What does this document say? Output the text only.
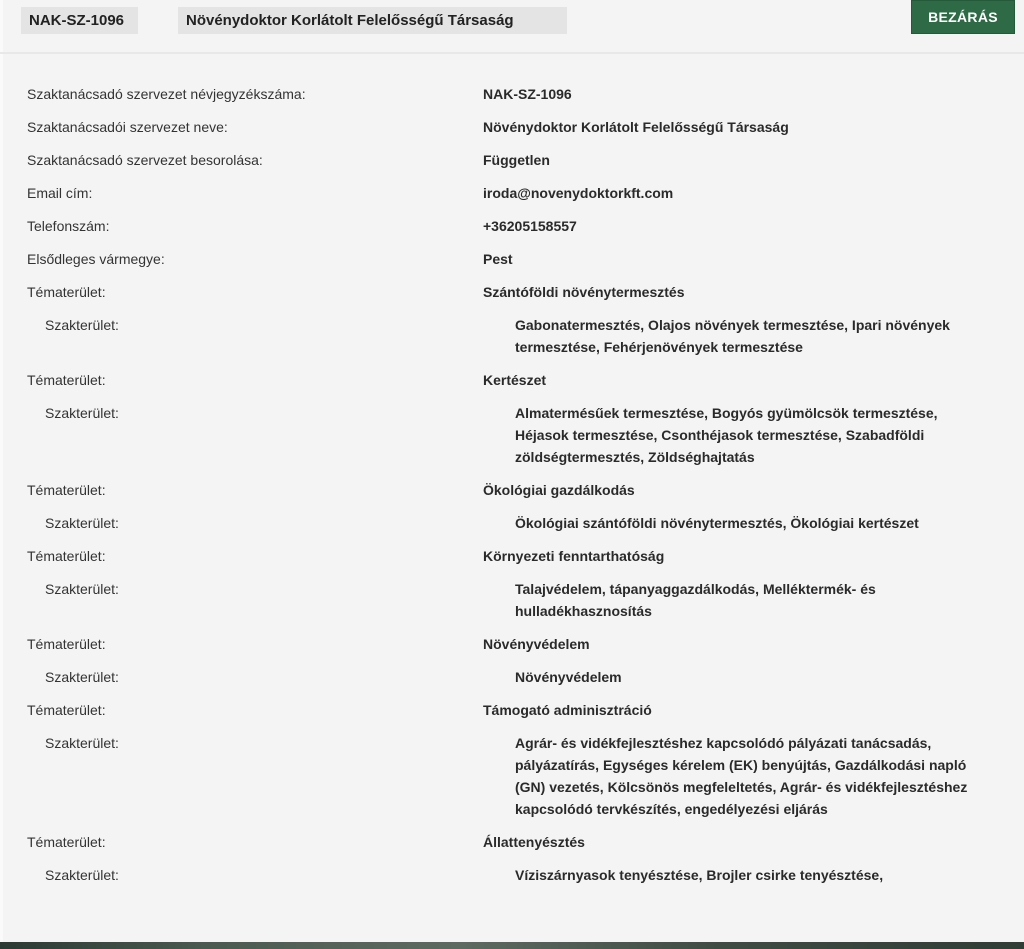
NAK-SZ-1096	Növénydoktor Korlátolt Felelősségű Társaság	BEZÁRÁS
Szaktanácsadó szervezet névjegyzékszáma:	NAK-SZ-1096
Szaktanácsadói szervezet neve:	Növénydoktor Korlátolt Felelősségű Társaság
Szaktanácsadó szervezet besorolása:	Független
Email cím:	iroda@novenydoktorkft.com
Telefonszám:	+36205158557
Elsődleges vármegye:	Pest
Tématerület:	Szántóföldi növénytermesztés
Szakterület:	Gabonatermesztés, Olajos növények termesztése, Ipari növények termesztése, Fehérjenövények termesztése
Tématerület:	Kertészet
Szakterület:	Almatermésűek termesztése, Bogyós gyümölcsök termesztése, Héjasok termesztése, Csonthéjasok termesztése, Szabadföldi zöldségtermesztés, Zöldséghajtatás
Tématerület:	Ökológiai gazdálkodás
Szakterület:	Ökológiai szántóföldi növénytermesztés, Ökológiai kertészet
Tématerület:	Környezeti fenntarthatóság
Szakterület:	Talajvédelem, tápanyaggazdálkodás, Melléktermék- és hulladékhasznosítás
Tématerület:	Növényvédelem
Szakterület:	Növényvédelem
Tématerület:	Támogató adminisztráció
Szakterület:	Agrár- és vidékfejlesztéshez kapcsolódó pályázati tanácsadás, pályázatírás, Egységes kérelem (EK) benyújtás, Gazdálkodási napló (GN) vezetés, Kölcsönös megfeleltetés, Agrár- és vidékfejlesztéshez kapcsolódó tervkészítés, engedélyezési eljárás
Tématerület:	Állattenyésztés
Szakterület:	Víziszárnyasok tenyésztése, Brojler csirke tenyésztése,
